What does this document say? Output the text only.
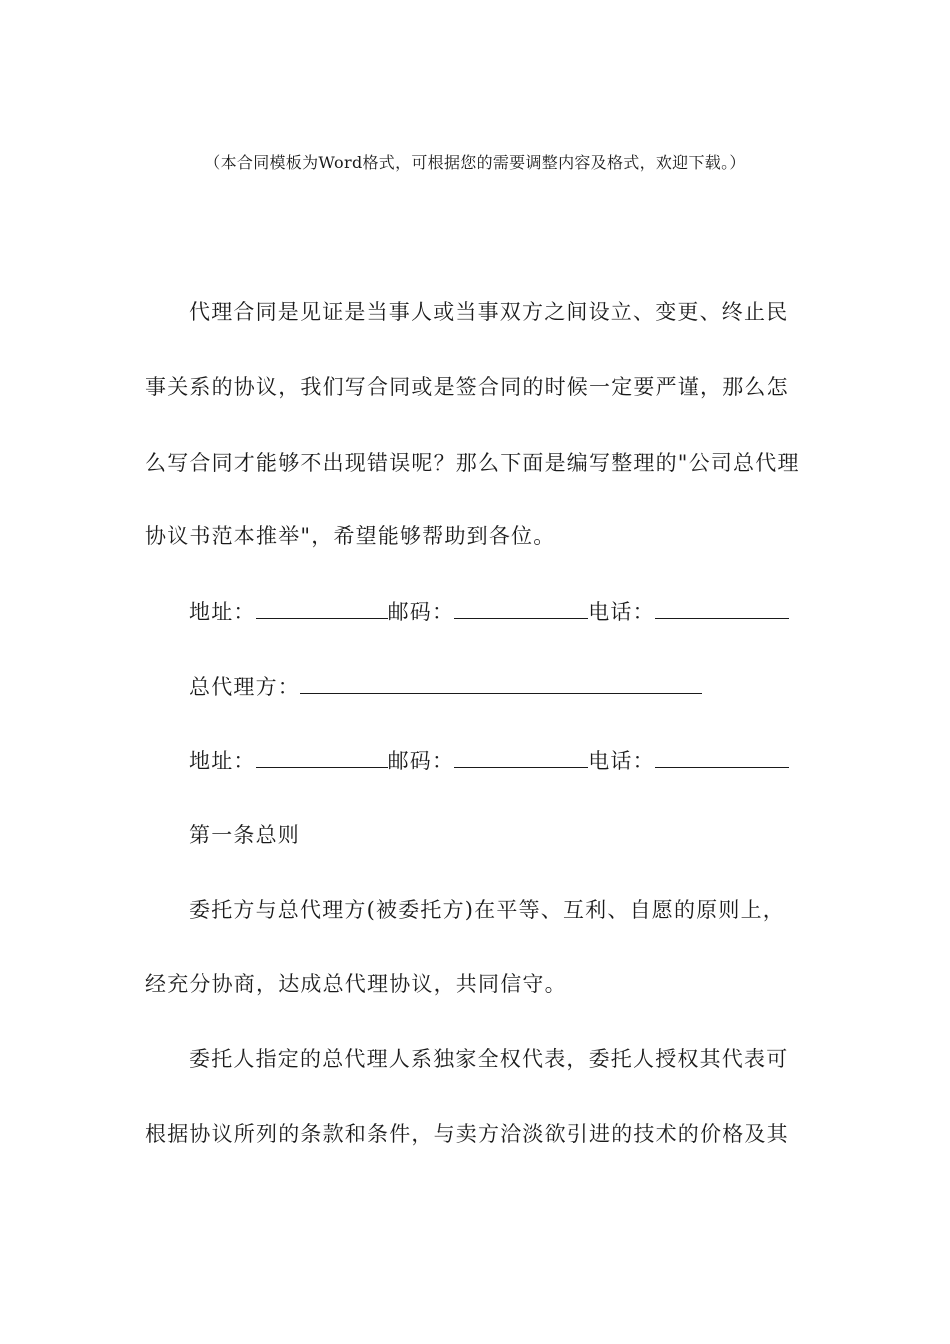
（本合同模板为Word格式，可根据您的需要调整内容及格式，欢迎下载。）
代理合同是见证是当事人或当事双方之间设立、变更、终止民
事关系的协议，我们写合同或是签合同的时候一定要严谨，那么怎
么写合同才能够不出现错误呢？那么下面是编写整理的"公司总代理
协议书范本推举"，希望能够帮助到各位。
地址：	邮码：	电话：
总代理方：
地址：	邮码：	电话：
第一条总则
委托方与总代理方(被委托方)在平等、互利、自愿的原则上，
经充分协商，达成总代理协议，共同信守。
委托人指定的总代理人系独家全权代表，委托人授权其代表可
根据协议所列的条款和条件，与卖方洽淡欲引进的技术的价格及其
